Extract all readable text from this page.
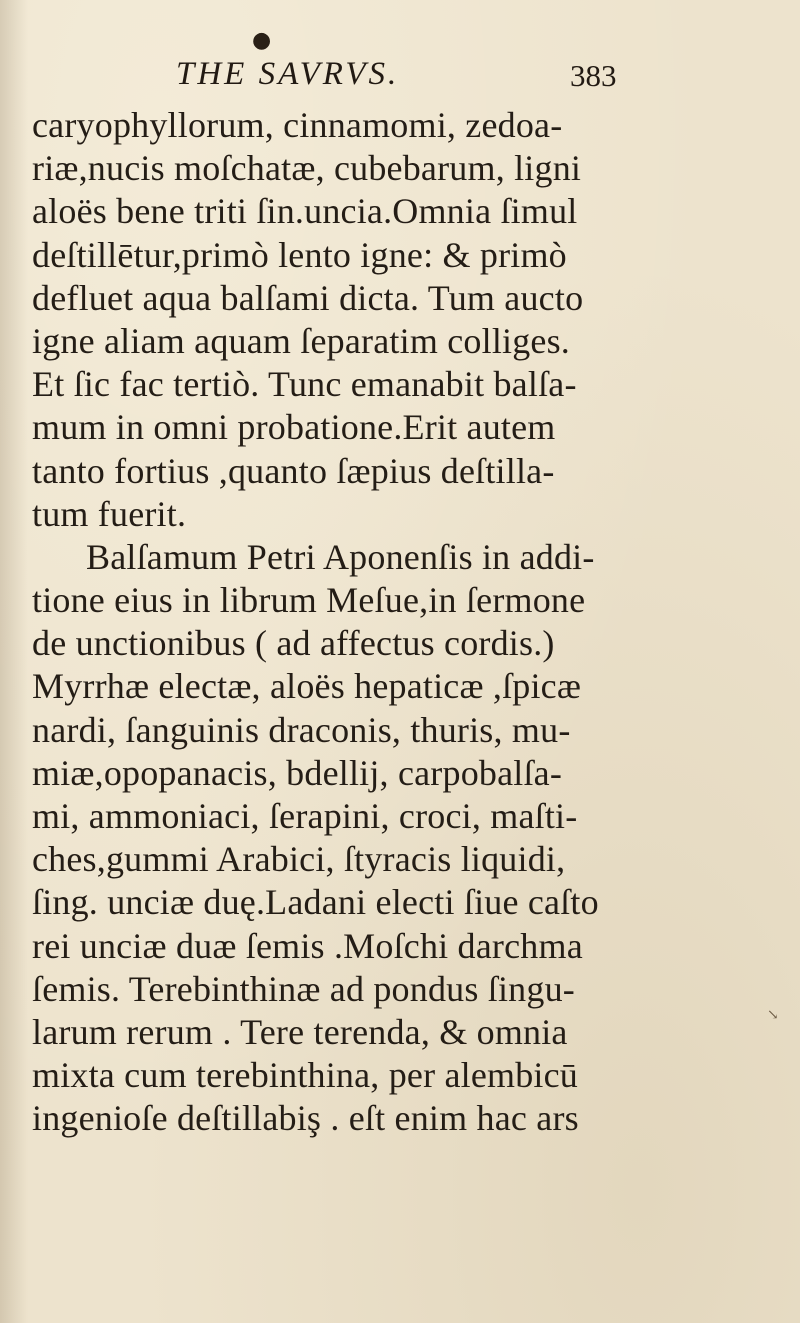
●
THE SAVRVS.	383
caryophyllorum, cinnamomi, zedoa-
riæ,nucis moſchatæ, cubebarum, ligni
aloës bene triti ſin.uncia.Omnia ſimul
deſtillētur,primò lento igne: & primò
defluet aqua balſami dicta. Tum aucto
igne aliam aquam ſeparatim colliges.
Et ſic fac tertiò. Tunc emanabit balſa-
mum in omni probatione.Erit autem
tanto fortius ,quanto ſæpius deſtilla-
tum fuerit.
Balſamum Petri Aponenſis in addi-
tione eius in librum Meſue,in ſermone
de unctionibus ( ad affectus cordis.)
Myrrhæ electæ, aloës hepaticæ ,ſpicæ
nardi, ſanguinis draconis, thuris, mu-
miæ,opopanacis, bdellij, carpobalſa-
mi, ammoniaci, ſerapini, croci, maſti-
ches,gummi Arabici, ſtyracis liquidi,
ſing. unciæ duę.Ladani electi ſiue caſto
rei unciæ duæ ſemis .Moſchi darchma
ſemis. Terebinthinæ ad pondus ſingu-
larum rerum . Tere terenda, & omnia
mixta cum terebinthina, per alembicū
ingenioſe deſtillabiş . eſt enim hac ars
↘
